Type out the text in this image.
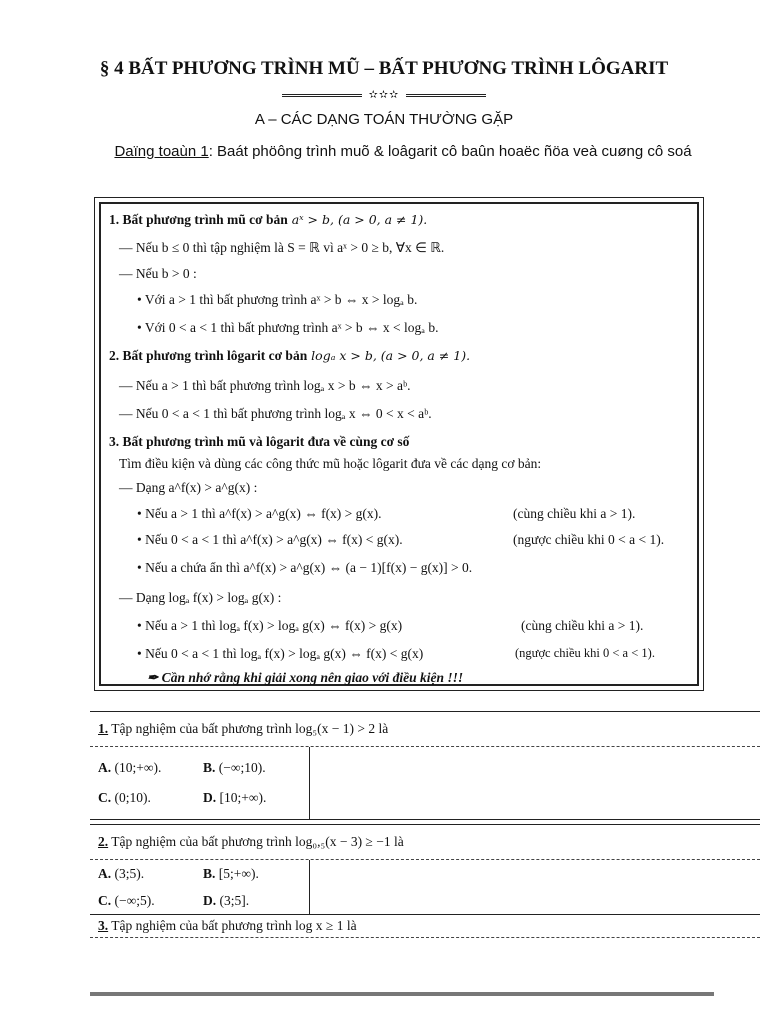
§ 4 BẤT PHƯƠNG TRÌNH MŨ – BẤT PHƯƠNG TRÌNH LÔGARIT
✫✫✫
A – CÁC DẠNG TOÁN THƯỜNG GẶP
Daïng toaùn 1: Baát phöông trình muõ & loâgarit cô baûn hoaëc ñöa veà cuøng cô soá
1. Bất phương trình mũ cơ bản aˣ > b, (a > 0, a ≠ 1).
— Nếu b ≤ 0 thì tập nghiệm là S = ℝ vì aˣ > 0 ≥ b, ∀x ∈ ℝ.
— Nếu b > 0 :
• Với a > 1 thì bất phương trình aˣ > b ⇔ x > logₐ b.
• Với 0 < a < 1 thì bất phương trình aˣ > b ⇔ x < logₐ b.
2. Bất phương trình lôgarit cơ bản logₐ x > b, (a > 0, a ≠ 1).
— Nếu a > 1 thì bất phương trình logₐ x > b ⇔ x > aᵇ.
— Nếu 0 < a < 1 thì bất phương trình logₐ x ⇔ 0 < x < aᵇ.
3. Bất phương trình mũ và lôgarit đưa về cùng cơ số
Tìm điều kiện và dùng các công thức mũ hoặc lôgarit đưa về các dạng cơ bản:
— Dạng a^f(x) > a^g(x) :
• Nếu a > 1 thì a^f(x) > a^g(x) ⇔ f(x) > g(x).	(cùng chiều khi a > 1).
• Nếu 0 < a < 1 thì a^f(x) > a^g(x) ⇔ f(x) < g(x).	(ngược chiều khi 0 < a < 1).
• Nếu a chứa ẩn thì a^f(x) > a^g(x) ⇔ (a − 1)[f(x) − g(x)] > 0.
— Dạng logₐ f(x) > logₐ g(x) :
• Nếu a > 1 thì logₐ f(x) > logₐ g(x) ⇔ f(x) > g(x)	(cùng chiều khi a > 1).
• Nếu 0 < a < 1 thì logₐ f(x) > logₐ g(x) ⇔ f(x) < g(x)	(ngược chiều khi 0 < a < 1).
✒ Cần nhớ rằng khi giải xong nên giao với điều kiện !!!
1. Tập nghiệm của bất phương trình log₅(x − 1) > 2 là
A. (10;+∞).	B. (−∞;10).
C. (0;10).	D. [10;+∞).
2. Tập nghiệm của bất phương trình log₀,₅(x − 3) ≥ −1 là
A. (3;5).	B. [5;+∞).
C. (−∞;5).	D. (3;5].
3. Tập nghiệm của bất phương trình log x ≥ 1 là
